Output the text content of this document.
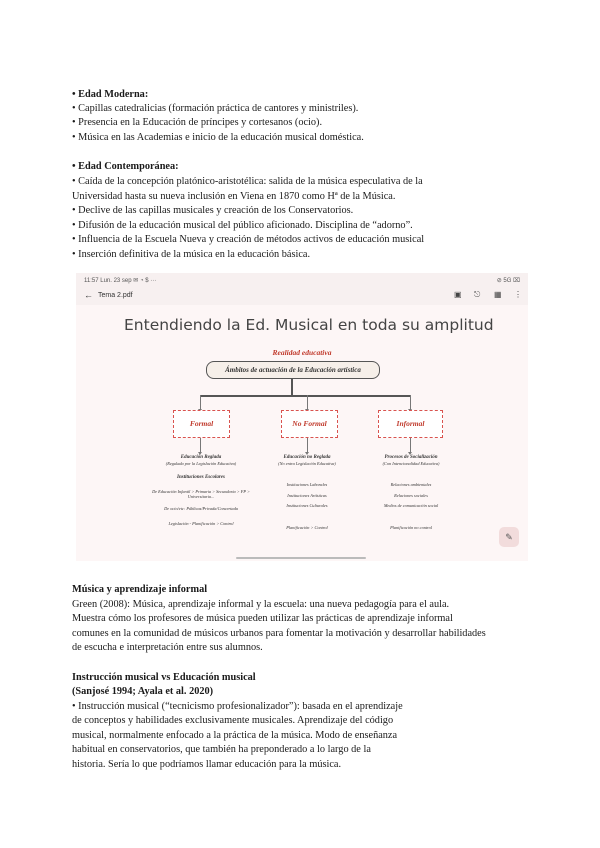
• Edad Moderna:
• Capillas catedralicias (formación práctica de cantores y ministriles).
• Presencia en la Educación de príncipes y cortesanos (ocio).
• Música en las Academias e inicio de la educación musical doméstica.
• Edad Contemporánea:
• Caída de la concepción platónico-aristotélica: salida de la música especulativa de la
Universidad hasta su nueva inclusión en Viena en 1870 como Hª de la Música.
• Declive de las capillas musicales y creación de los Conservatorios.
• Difusión de la educación musical del público aficionado. Disciplina de “adorno”.
• Influencia de la Escuela Nueva y creación de métodos activos de educación musical
• Inserción definitiva de la música en la educación básica.
11:57 Lun. 23 sep ✉ ◔ $ ···	⊘ 5G ⌧
← Tema 2.pdf	▣ ⎋ ▦ ⋮
Entendiendo la Ed. Musical en toda su amplitud
Realidad educativa
Ámbitos de actuación de la Educación artística
Formal	No Formal	Informal
Educación Reglada
(Regulada por la Legislación Educativa)
Instituciones Escolares
De Educación Infantil > Primaria > Secundaria > FP > Universitaria...
De ocio/etc: Públicas/Privada/Concertada
Legislación - Planificación > Control
Educación no Reglada
(No entra Legislación Educativa)
Instituciones Laborales
Instituciones Artísticas
Instituciones Culturales
Planificación > Control
Procesos de Socialización
(Con Intencionalidad Educativa)
Relaciones ambientales
Relaciones sociales
Medios de comunicación social
Planificación no control
✎
Música y aprendizaje informal
Green (2008): Música, aprendizaje informal y la escuela: una nueva pedagogía para el aula.
Muestra cómo los profesores de música pueden utilizar las prácticas de aprendizaje informal
comunes en la comunidad de músicos urbanos para fomentar la motivación y desarrollar habilidades
de escucha e interpretación entre sus alumnos.
Instrucción musical vs Educación musical
(Sanjosé 1994; Ayala et al. 2020)
• Instrucción musical (“tecnicismo profesionalizador”): basada en el aprendizaje
de conceptos y habilidades exclusivamente musicales. Aprendizaje del código
musical, normalmente enfocado a la práctica de la música. Modo de enseñanza
habitual en conservatorios, que también ha preponderado a lo largo de la
historia. Sería lo que podríamos llamar educación para la música.
